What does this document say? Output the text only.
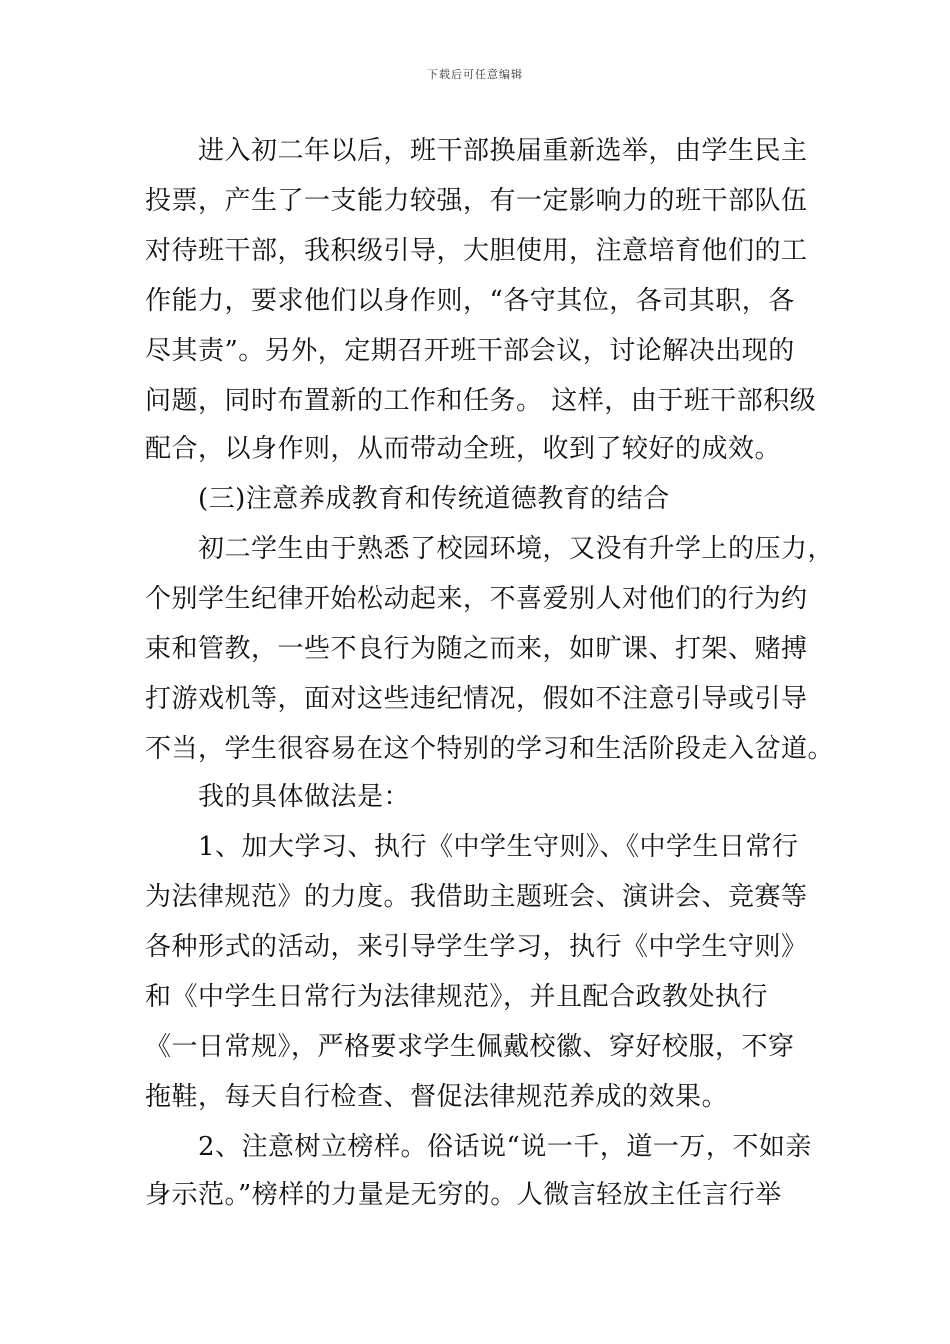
下载后可任意编辑
进入初二年以后，班干部换届重新选举，由学生民主
投票，产生了一支能力较强，有一定影响力的班干部队伍
对待班干部，我积级引导，大胆使用，注意培育他们的工
作能力，要求他们以身作则，“各守其位，各司其职，各
尽其责”。另外，定期召开班干部会议，讨论解决出现的
问题，同时布置新的工作和任务。 这样，由于班干部积级
配合，以身作则，从而带动全班，收到了较好的成效。
(三)注意养成教育和传统道德教育的结合
初二学生由于熟悉了校园环境，又没有升学上的压力，
个别学生纪律开始松动起来，不喜爱别人对他们的行为约
束和管教，一些不良行为随之而来，如旷课、打架、赌搏
打游戏机等，面对这些违纪情况，假如不注意引导或引导
不当，学生很容易在这个特别的学习和生活阶段走入岔道。
我的具体做法是：
1、加大学习、执行《中学生守则》、《中学生日常行
为法律规范》的力度。我借助主题班会、演讲会、竞赛等
各种形式的活动，来引导学生学习，执行《中学生守则》
和《中学生日常行为法律规范》，并且配合政教处执行
《一日常规》，严格要求学生佩戴校徽、穿好校服，不穿
拖鞋，每天自行检查、督促法律规范养成的效果。
2、注意树立榜样。俗话说“说一千，道一万，不如亲
身示范。”榜样的力量是无穷的。人微言轻放主任言行举
